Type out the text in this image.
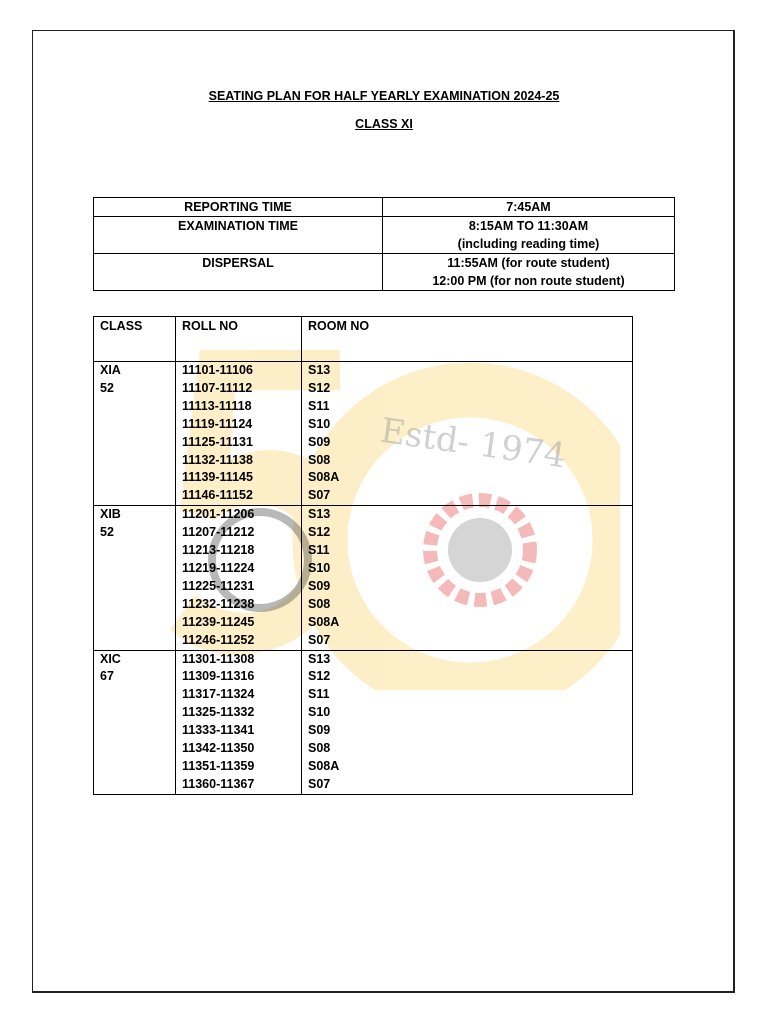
Estd- 1974
SEATING PLAN FOR HALF YEARLY EXAMINATION 2024-25
CLASS XI
REPORTING TIME	7:45AM

EXAMINATION TIME	8:15AM TO 11:30AM
(including reading time)

DISPERSAL	11:55AM (for route student)
12:00 PM (for non route student)
CLASS	ROLL NO	ROOM NO
XIA	11101-11106	S13
52	11107-11112	S12
	11113-11118	S11
	11119-11124	S10
	11125-11131	S09
	11132-11138	S08
	11139-11145	S08A
	11146-11152	S07
XIB	11201-11206	S13
52	11207-11212	S12
	11213-11218	S11
	11219-11224	S10
	11225-11231	S09
	11232-11238	S08
	11239-11245	S08A
	11246-11252	S07
XIC	11301-11308	S13
67	11309-11316	S12
	11317-11324	S11
	11325-11332	S10
	11333-11341	S09
	11342-11350	S08
	11351-11359	S08A
	11360-11367	S07
